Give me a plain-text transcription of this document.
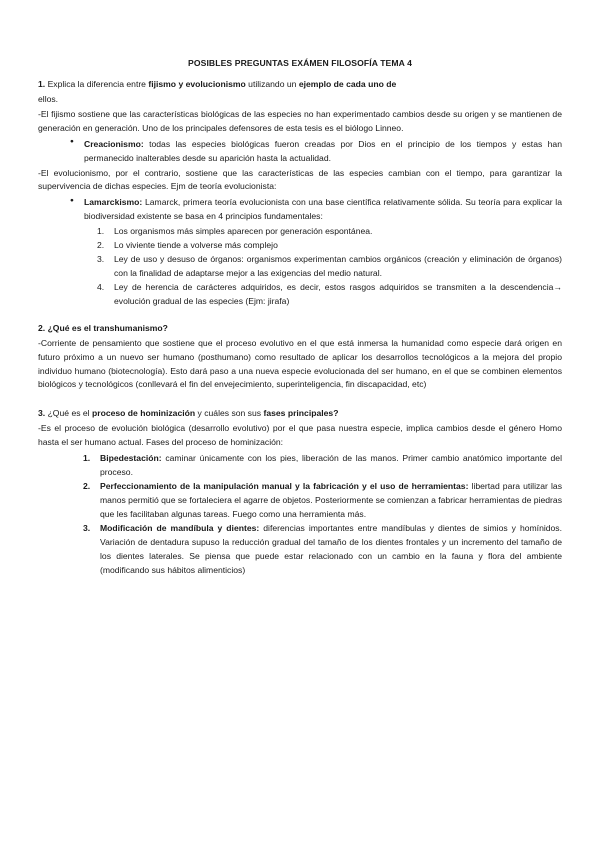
POSIBLES PREGUNTAS EXÁMEN FILOSOFÍA TEMA 4
1. Explica la diferencia entre fijismo y evolucionismo utilizando un ejemplo de cada uno de
ellos.
-El fijismo sostiene que las características biológicas de las especies no han experimentado cambios desde su origen y se mantienen de generación en generación. Uno de los principales defensores de esta tesis es el biólogo Linneo.
● Creacionismo: todas las especies biológicas fueron creadas por Dios en el principio de los tiempos y estas han permanecido inalterables desde su aparición hasta la actualidad.
-El evolucionismo, por el contrario, sostiene que las características de las especies cambian con el tiempo, para garantizar la supervivencia de dichas especies. Ejm de teoría evolucionista:
● Lamarckismo: Lamarck, primera teoría evolucionista con una base científica relativamente sólida. Su teoría para explicar la biodiversidad existente se basa en 4 principios fundamentales:
Los organismos más simples aparecen por generación espontánea.
Lo viviente tiende a volverse más complejo
Ley de uso y desuso de órganos: organismos experimentan cambios orgánicos (creación y eliminación de órganos) con la finalidad de adaptarse mejor a las exigencias del medio natural.
Ley de herencia de carácteres adquiridos, es decir, estos rasgos adquiridos se transmiten a la descendencia→ evolución gradual de las especies (Ejm: jirafa)
2. ¿Qué es el transhumanismo?
-Corriente de pensamiento que sostiene que el proceso evolutivo en el que está inmersa la humanidad como especie dará origen en futuro próximo a un nuevo ser humano (posthumano) como resultado de aplicar los desarrollos tecnológicos a la mejora del propio individuo humano (biotecnología). Esto dará paso a una nueva especie evolucionada del ser humano, en el que se combinen elementos biológicos y tecnológicos (conllevará el fin del envejecimiento, superinteligencia, fin discapacidad, etc)
3. ¿Qué es el proceso de hominización y cuáles son sus fases principales?
-Es el proceso de evolución biológica (desarrollo evolutivo) por el que pasa nuestra especie, implica cambios desde el género Homo hasta el ser humano actual. Fases del proceso de hominización:
Bipedestación: caminar únicamente con los pies, liberación de las manos. Primer cambio anatómico importante del proceso.
Perfeccionamiento de la manipulación manual y la fabricación y el uso de herramientas: libertad para utilizar las manos permitió que se fortaleciera el agarre de objetos. Posteriormente se comienzan a fabricar herramientas de piedras que les facilitaban algunas tareas. Fuego como una herramienta más.
Modificación de mandíbula y dientes: diferencias importantes entre mandíbulas y dientes de simios y homínidos. Variación de dentadura supuso la reducción gradual del tamaño de los dientes frontales y un incremento del tamaño de los dientes laterales. Se piensa que puede estar relacionado con un cambio en la fauna y flora del ambiente (modificando sus hábitos alimenticios)
